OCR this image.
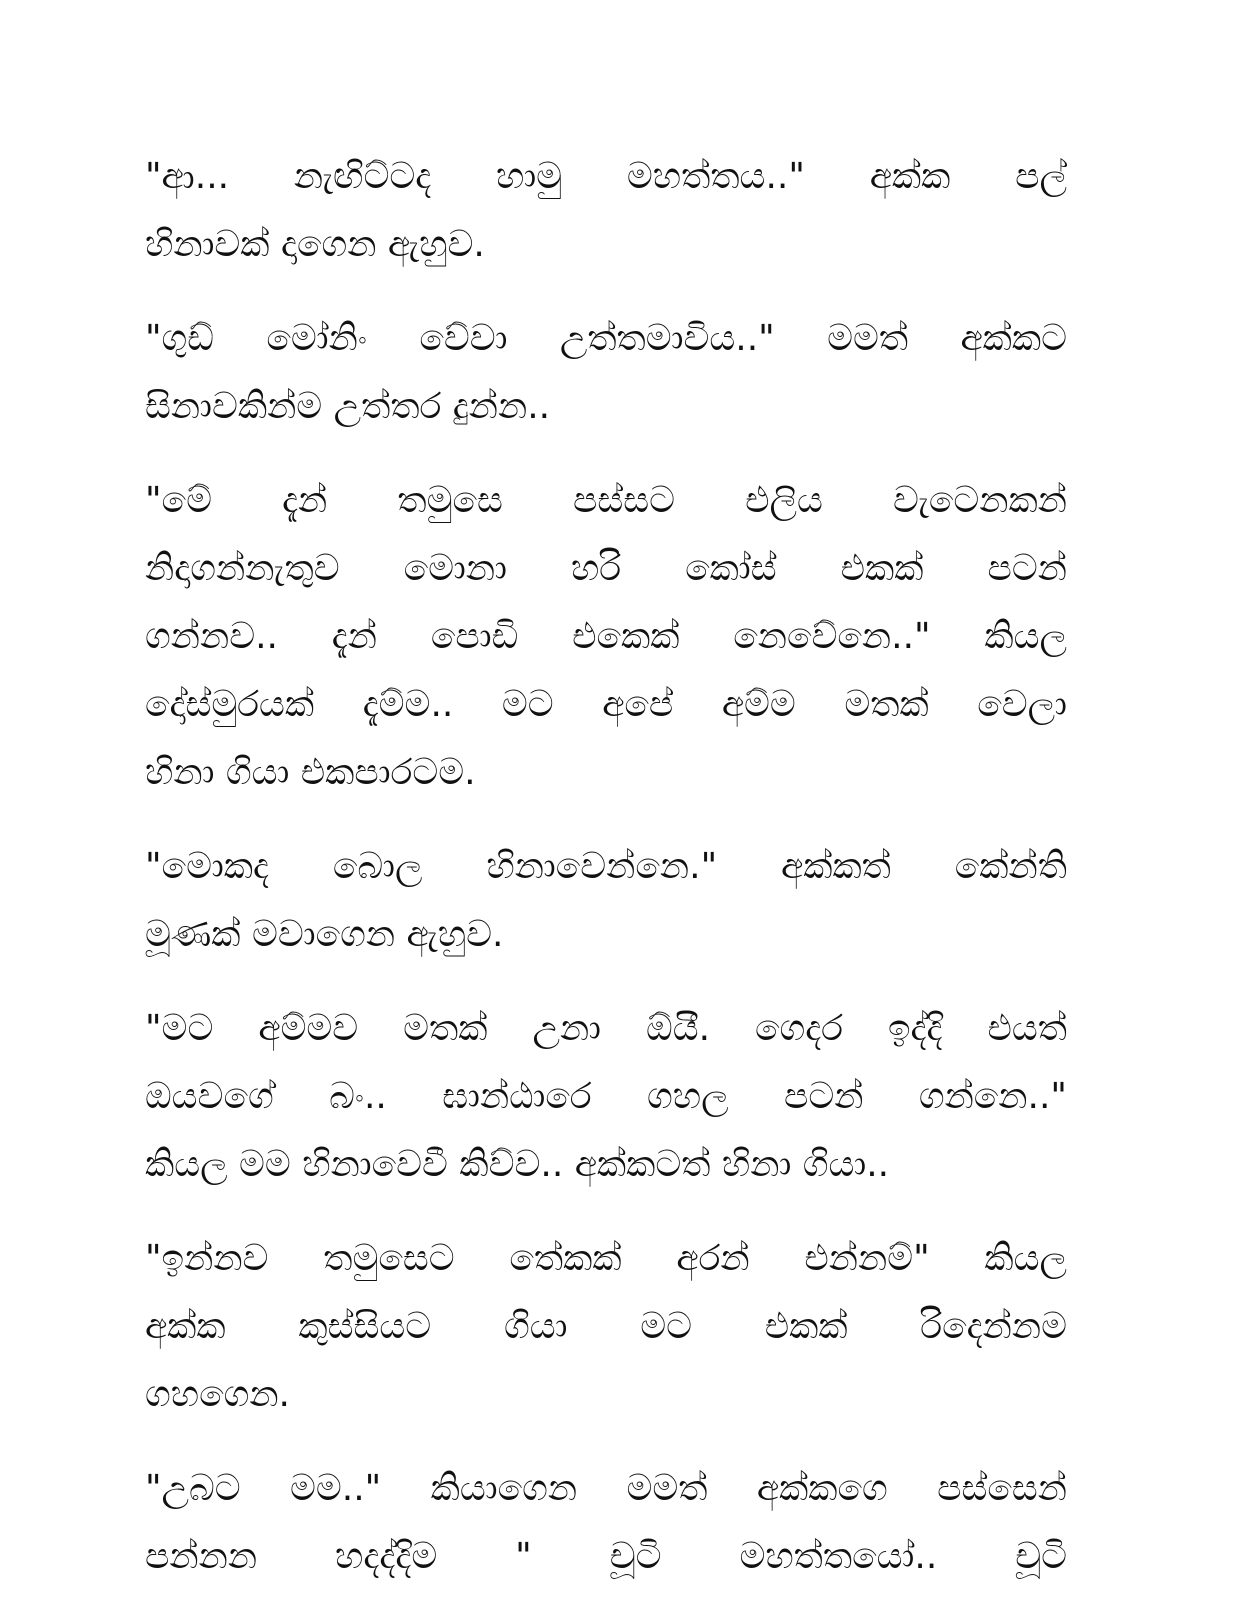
"ආ... නැඟිට්ටද හාමු මහත්තය.." අක්ක පල්
හිනාවක් දාගෙන ඇහුව.

"ගුඩ් මෝනිං වේවා උත්තමාවිය.." මමත් අක්කට
සිනාවකින්ම උත්තර දුන්න..

"මේ දැන් තමුසෙ පස්සට එලිය වැටෙනකන්
නිදාගන්නැතුව මොනා හරි කෝස් එකක් පටන්
ගන්නව.. දැන් පොඩි එකෙක් නෙවේනෙ.." කියල
දෝස්මුරයක් දැම්ම.. මට අපේ අම්ම මතක් වෙලා
හිනා ගියා එකපාරටම.

"මොකද බොල හිනාවෙන්නෙ." අක්කත් කේන්ති
මූණක් මවාගෙන ඇහුව.

"මට අම්මව මතක් උනා ඕයී. ගෙදර ඉද්දි එයත්
ඔයවගේ බං.. ඝාන්ඨාරෙ ගහල පටන් ගන්නෙ.."
කියල මම හිනාවෙවී කිව්ව.. අක්කටත් හිනා ගියා..

"ඉන්නව තමුසෙට තේකක් අරන් එන්නම්" කියල
අක්ක කුස්සියට ගියා මට එකක් රිදෙන්නම
ගහගෙන.

"උබට මම.." කියාගෙන මමත් අක්කගෙ පස්සෙන්
පන්නන හදද්දිම " චූටි මහත්තයෝ.. චූටි
